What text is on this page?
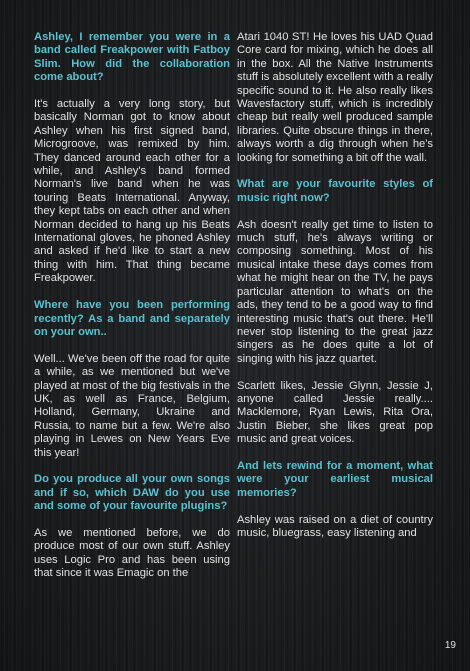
Ashley, I remember you were in a band called Freakpower with Fatboy Slim. How did the collaboration come about?

It's actually a very long story, but basically Norman got to know about Ashley when his first signed band, Microgroove, was remixed by him. They danced around each other for a while, and Ashley's band formed Norman's live band when he was touring Beats International. Anyway, they kept tabs on each other and when Norman decided to hang up his Beats International gloves, he phoned Ashley and asked if he'd like to start a new thing with him. That thing became Freakpower.

Where have you been performing recently? As a band and separately on your own..

Well... We've been off the road for quite a while, as we mentioned but we've played at most of the big festivals in the UK, as well as France, Belgium, Holland, Germany, Ukraine and Russia, to name but a few. We're also playing in Lewes on New Years Eve this year!

Do you produce all your own songs and if so, which DAW do you use and some of your favourite plugins?

As we mentioned before, we do produce most of our own stuff. Ashley uses Logic Pro and has been using that since it was Emagic on the

Atari 1040 ST! He loves his UAD Quad Core card for mixing, which he does all in the box. All the Native Instruments stuff is absolutely excellent with a really specific sound to it. He also really likes Wavesfactory stuff, which is incredibly cheap but really well produced sample libraries. Quite obscure things in there, always worth a dig through when he's looking for something a bit off the wall.

What are your favourite styles of music right now?

Ash doesn't really get time to listen to much stuff, he's always writing or composing something. Most of his musical intake these days comes from what he might hear on the TV, he pays particular attention to what's on the ads, they tend to be a good way to find interesting music that's out there. He'll never stop listening to the great jazz singers as he does quite a lot of singing with his jazz quartet.

Scarlett likes, Jessie Glynn, Jessie J, anyone called Jessie really.... Macklemore, Ryan Lewis, Rita Ora, Justin Bieber, she likes great pop music and great voices.

And lets rewind for a moment, what were your earliest musical memories?

Ashley was raised on a diet of country music, bluegrass, easy listening and

19
